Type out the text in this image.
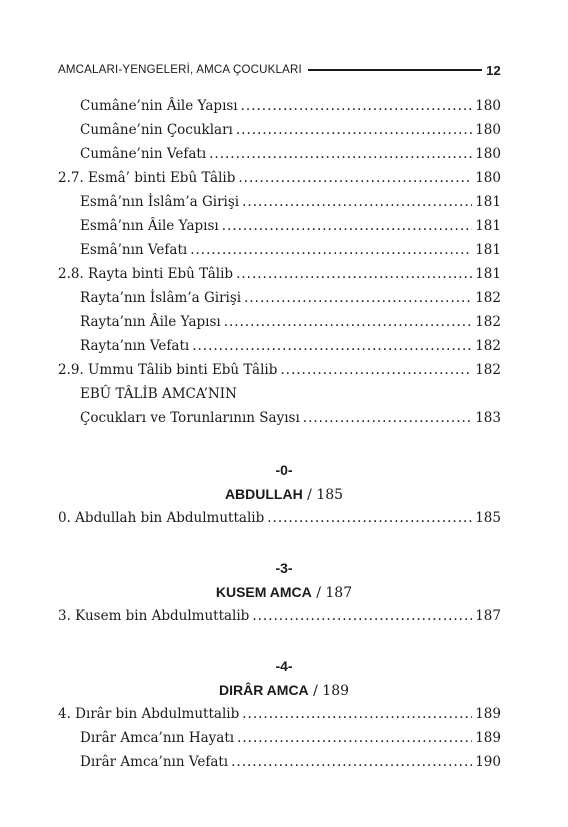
AMCALARI-YENGELERİ, AMCA ÇOCUKLARI	12
Cumâne’nin Âile Yapısı .....	180
Cumâne’nin Çocukları .....	180
Cumâne’nin Vefatı .....	180
2.7. Esmâ’ binti Ebû Tâlib .....	180
Esmâ’nın İslâm’a Girişi .....	181
Esmâ’nın Âile Yapısı .....	181
Esmâ’nın Vefatı .....	181
2.8. Rayta binti Ebû Tâlib .....	181
Rayta’nın İslâm’a Girişi .....	182
Rayta’nın Âile Yapısı .....	182
Rayta’nın Vefatı .....	182
2.9. Ummu Tâlib binti Ebû Tâlib .....	182
EBÛ TÂLİB AMCA’NIN
Çocukları ve Torunlarının Sayısı .....	183
-0-
ABDULLAH / 185
0. Abdullah bin Abdulmuttalib .....	185
-3-
KUSEM AMCA / 187
3. Kusem bin Abdulmuttalib .....	187
-4-
DIRÂR AMCA / 189
4. Dırâr bin Abdulmuttalib .....	189
Dırâr Amca’nın Hayatı .....	189
Dırâr Amca’nın Vefatı .....	190
